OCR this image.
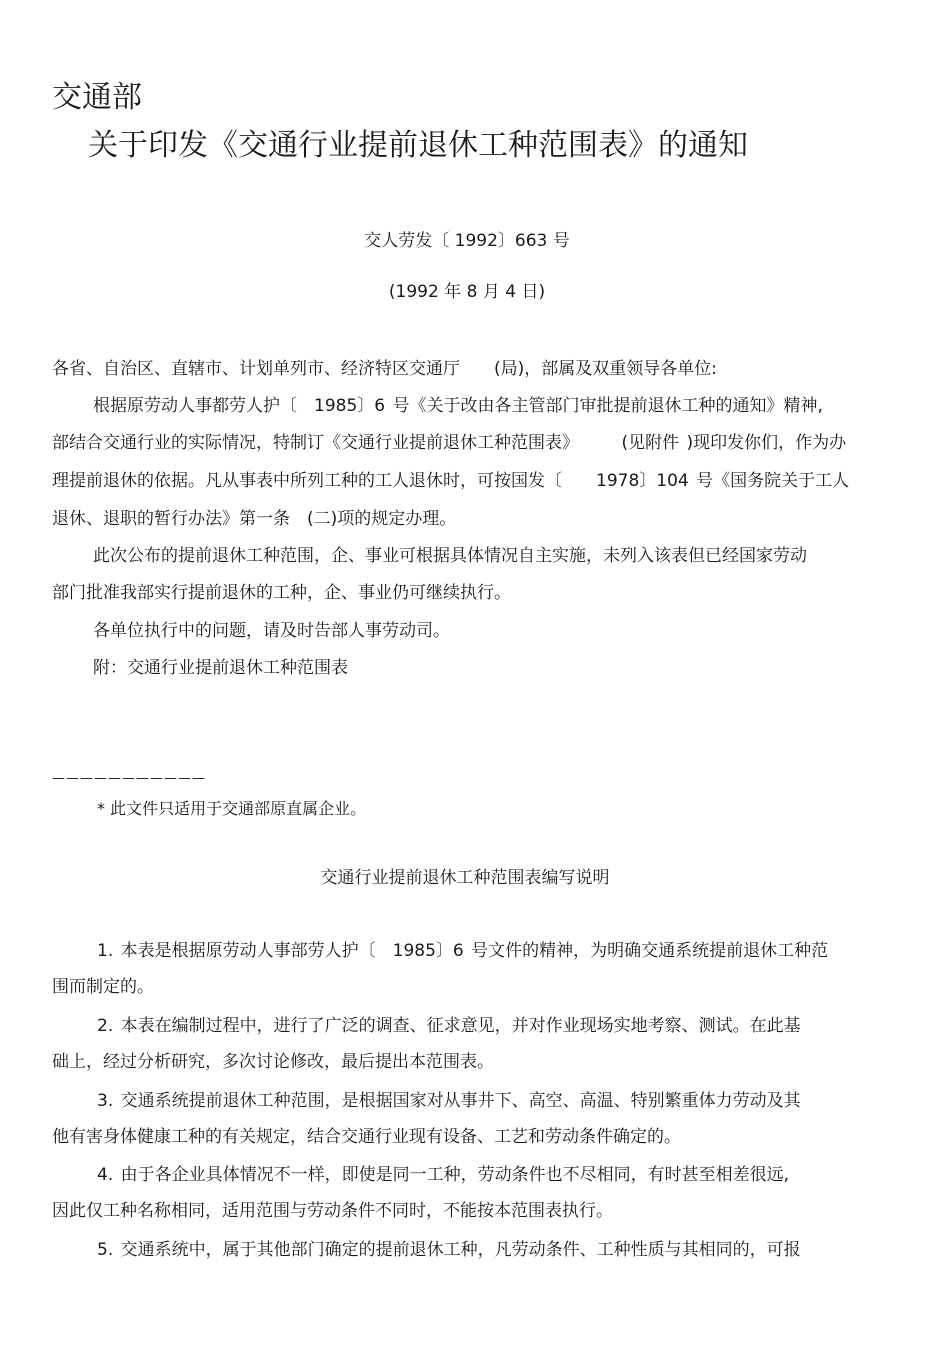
交通部
关于印发《交通行业提前退休工种范围表》的通知
交人劳发〔 1992〕663 号
(1992 年 8 月 4 日)
各省、自治区、直辖市、计划单列市、经济特区交通厅　　(局)，部属及双重领导各单位:
根据原劳动人事都劳人护〔　1985〕6 号《关于改由各主管部门审批提前退休工种的通知》精神,
部结合交通行业的实际情况，特制订《交通行业提前退休工种范围表》　　　(见附件 )现印发你们，作为办
理提前退休的依据。凡从事表中所列工种的工人退休时，可按国发〔　　1978〕104 号《国务院关于工人
退休、退职的暂行办法》第一条　(二)项的规定办理。
此次公布的提前退休工种范围，企、事业可根据具体情况自主实施，未列入该表但已经国家劳动
部门批准我部实行提前退休的工种，企、事业仍可继续执行。
各单位执行中的问题，请及时告部人事劳动司。
附：交通行业提前退休工种范围表
———————————
* 此文件只适用于交通部原直属企业。
交通行业提前退休工种范围表编写说明
1. 本表是根据原劳动人事部劳人护〔　1985〕6 号文件的精神，为明确交通系统提前退休工种范
围而制定的。
2. 本表在编制过程中，进行了广泛的调查、征求意见，并对作业现场实地考察、测试。在此基
础上，经过分析研究，多次讨论修改，最后提出本范围表。
3. 交通系统提前退休工种范围，是根据国家对从事井下、高空、高温、特别繁重体力劳动及其
他有害身体健康工种的有关规定，结合交通行业现有设备、工艺和劳动条件确定的。
4. 由于各企业具体情况不一样，即使是同一工种，劳动条件也不尽相同，有时甚至相差很远,
因此仅工种名称相同，适用范围与劳动条件不同时，不能按本范围表执行。
5. 交通系统中，属于其他部门确定的提前退休工种，凡劳动条件、工种性质与其相同的，可报
